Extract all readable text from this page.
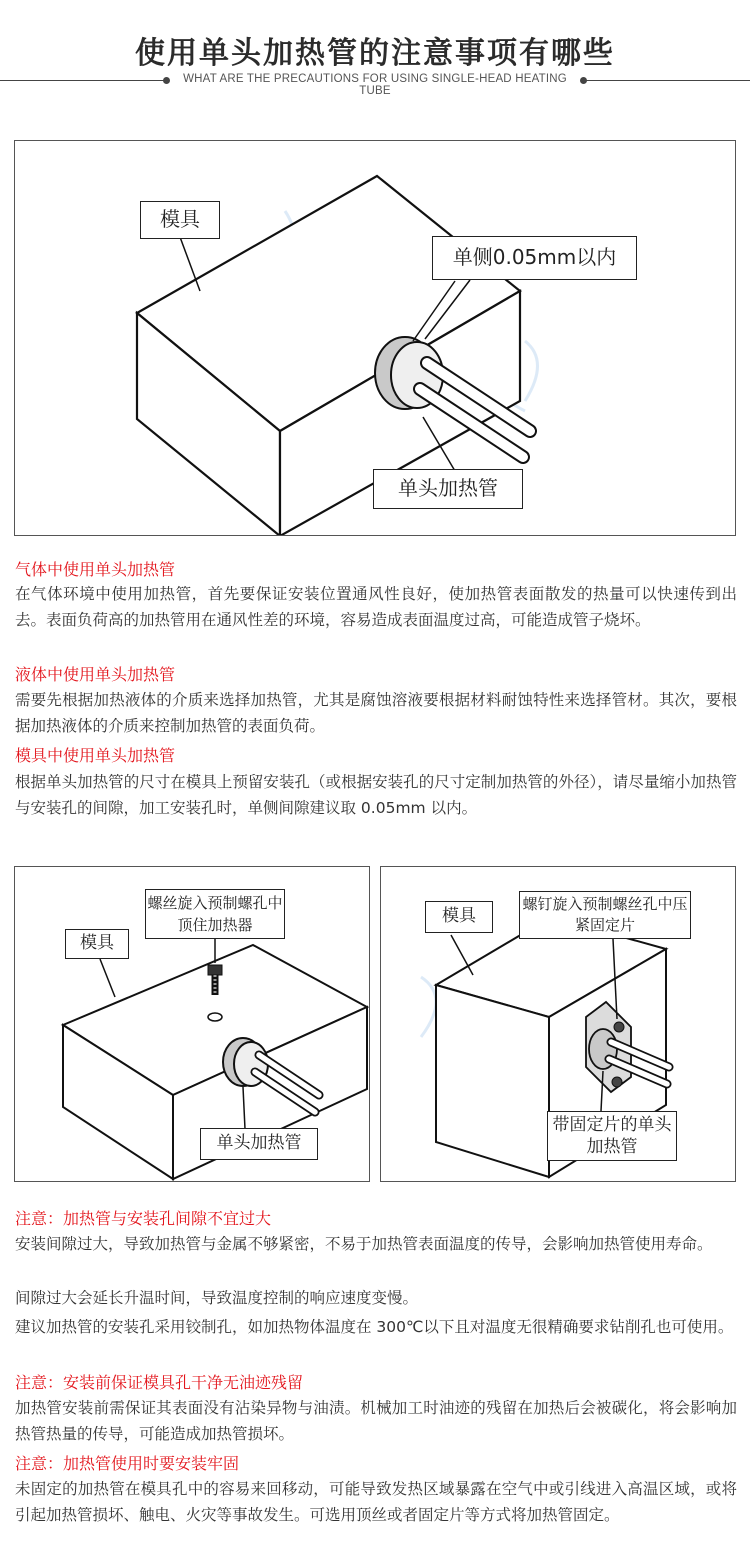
使用单头加热管的注意事项有哪些
WHAT ARE THE PRECAUTIONS FOR USING SINGLE-HEAD HEATING TUBE
模具
单侧0.05mm以内
单头加热管
气体中使用单头加热管
在气体环境中使用加热管，首先要保证安装位置通风性良好，使加热管表面散发的热量可以快速传到出去。表面负荷高的加热管用在通风性差的环境，容易造成表面温度过高，可能造成管子烧坏。
液体中使用单头加热管
需要先根据加热液体的介质来选择加热管，尤其是腐蚀溶液要根据材料耐蚀特性来选择管材。其次，要根据加热液体的介质来控制加热管的表面负荷。
模具中使用单头加热管
根据单头加热管的尺寸在模具上预留安装孔（或根据安装孔的尺寸定制加热管的外径），请尽量缩小加热管与安装孔的间隙，加工安装孔时，单侧间隙建议取 0.05mm 以内。
螺丝旋入预制螺孔中顶住加热器
模具
单头加热管
模具
螺钉旋入预制螺丝孔中压紧固定片
带固定片的单头加热管
注意：加热管与安装孔间隙不宜过大
安装间隙过大，导致加热管与金属不够紧密，不易于加热管表面温度的传导，会影响加热管使用寿命。
间隙过大会延长升温时间，导致温度控制的响应速度变慢。
建议加热管的安装孔采用铰制孔，如加热物体温度在 300℃以下且对温度无很精确要求钻削孔也可使用。
注意：安装前保证模具孔干净无油迹残留
加热管安装前需保证其表面没有沾染异物与油渍。机械加工时油迹的残留在加热后会被碳化，将会影响加热管热量的传导，可能造成加热管损坏。
注意：加热管使用时要安装牢固
未固定的加热管在模具孔中的容易来回移动，可能导致发热区域暴露在空气中或引线进入高温区域，或将引起加热管损坏、触电、火灾等事故发生。可选用顶丝或者固定片等方式将加热管固定。
